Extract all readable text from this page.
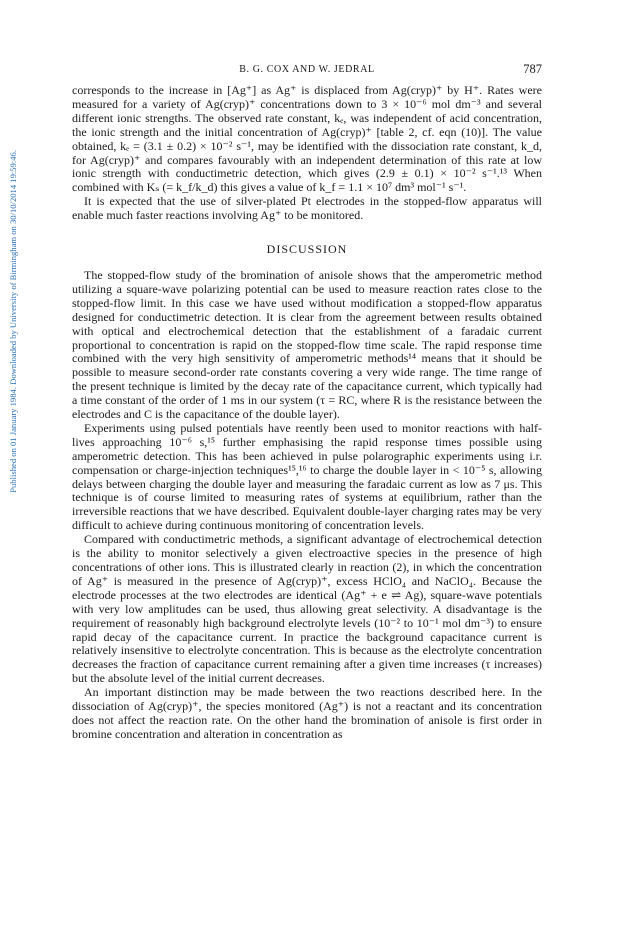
Published on 01 January 1984. Downloaded by University of Birmingham on 30/10/2014 19:59:46.
B. G. COX AND W. JEDRAL	787

corresponds to the increase in [Ag⁺] as Ag⁺ is displaced from Ag(cryp)⁺ by H⁺. Rates were measured for a variety of Ag(cryp)⁺ concentrations down to 3 × 10⁻⁶ mol dm⁻³ and several different ionic strengths. The observed rate constant, kₑ, was independent of acid concentration, the ionic strength and the initial concentration of Ag(cryp)⁺ [table 2, cf. eqn (10)]. The value obtained, kₑ = (3.1 ± 0.2) × 10⁻² s⁻¹, may be identified with the dissociation rate constant, k_d, for Ag(cryp)⁺ and compares favourably with an independent determination of this rate at low ionic strength with conductimetric detection, which gives (2.9 ± 0.1) × 10⁻² s⁻¹.¹³ When combined with Kₛ (= k_f/k_d) this gives a value of k_f = 1.1 × 10⁷ dm³ mol⁻¹ s⁻¹.

It is expected that the use of silver-plated Pt electrodes in the stopped-flow apparatus will enable much faster reactions involving Ag⁺ to be monitored.

DISCUSSION

The stopped-flow study of the bromination of anisole shows that the amperometric method utilizing a square-wave polarizing potential can be used to measure reaction rates close to the stopped-flow limit. In this case we have used without modification a stopped-flow apparatus designed for conductimetric detection. It is clear from the agreement between results obtained with optical and electrochemical detection that the establishment of a faradaic current proportional to concentration is rapid on the stopped-flow time scale. The rapid response time combined with the very high sensitivity of amperometric methods¹⁴ means that it should be possible to measure second-order rate constants covering a very wide range. The time range of the present technique is limited by the decay rate of the capacitance current, which typically had a time constant of the order of 1 ms in our system (τ = RC, where R is the resistance between the electrodes and C is the capacitance of the double layer).

Experiments using pulsed potentials have reently been used to monitor reactions with half-lives approaching 10⁻⁶ s,¹⁵ further emphasising the rapid response times possible using amperometric detection. This has been achieved in pulse polarographic experiments using i.r. compensation or charge-injection techniques¹⁵,¹⁶ to charge the double layer in < 10⁻⁵ s, allowing delays between charging the double layer and measuring the faradaic current as low as 7 μs. This technique is of course limited to measuring rates of systems at equilibrium, rather than the irreversible reactions that we have described. Equivalent double-layer charging rates may be very difficult to achieve during continuous monitoring of concentration levels.

Compared with conductimetric methods, a significant advantage of electrochemical detection is the ability to monitor selectively a given electroactive species in the presence of high concentrations of other ions. This is illustrated clearly in reaction (2), in which the concentration of Ag⁺ is measured in the presence of Ag(cryp)⁺, excess HClO₄ and NaClO₄. Because the electrode processes at the two electrodes are identical (Ag⁺ + e ⇌ Ag), square-wave potentials with very low amplitudes can be used, thus allowing great selectivity. A disadvantage is the requirement of reasonably high background electrolyte levels (10⁻² to 10⁻¹ mol dm⁻³) to ensure rapid decay of the capacitance current. In practice the background capacitance current is relatively insensitive to electrolyte concentration. This is because as the electrolyte concentration decreases the fraction of capacitance current remaining after a given time increases (τ increases) but the absolute level of the initial current decreases.

An important distinction may be made between the two reactions described here. In the dissociation of Ag(cryp)⁺, the species monitored (Ag⁺) is not a reactant and its concentration does not affect the reaction rate. On the other hand the bromination of anisole is first order in bromine concentration and alteration in concentration as
